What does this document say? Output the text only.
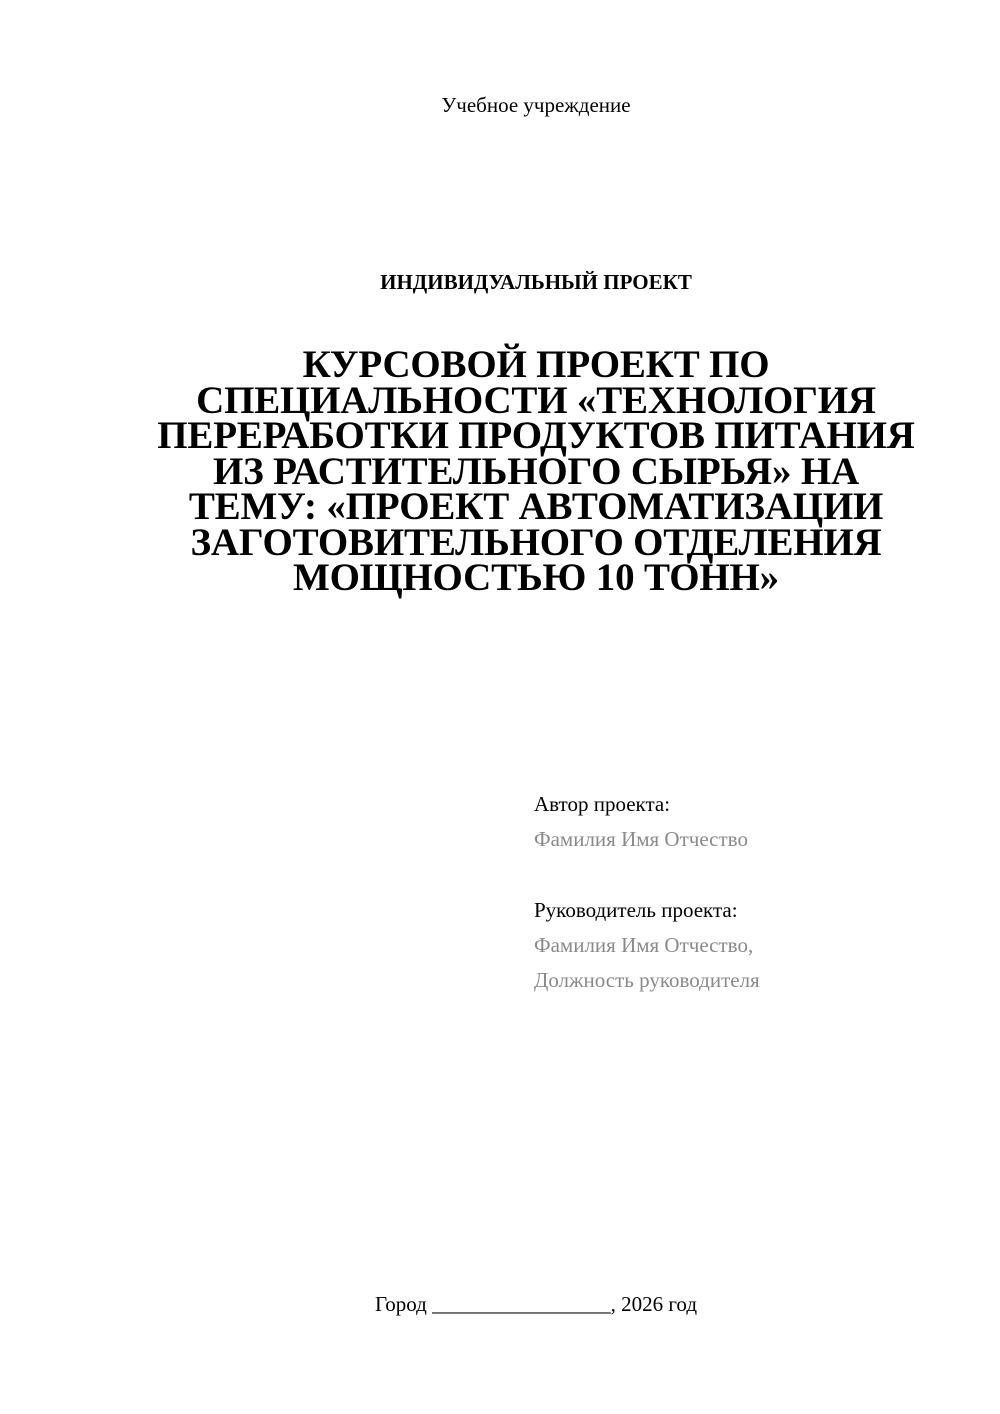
Учебное учреждение
ИНДИВИДУАЛЬНЫЙ ПРОЕКТ
КУРСОВОЙ ПРОЕКТ ПО
СПЕЦИАЛЬНОСТИ «ТЕХНОЛОГИЯ
ПЕРЕРАБОТКИ ПРОДУКТОВ ПИТАНИЯ
ИЗ РАСТИТЕЛЬНОГО СЫРЬЯ» НА
ТЕМУ: «ПРОЕКТ АВТОМАТИЗАЦИИ
ЗАГОТОВИТЕЛЬНОГО ОТДЕЛЕНИЯ
МОЩНОСТЬЮ 10 ТОНН»
Автор проекта:
Фамилия Имя Отчество
Руководитель проекта:
Фамилия Имя Отчество,
Должность руководителя
Город _________________, 2026 год
